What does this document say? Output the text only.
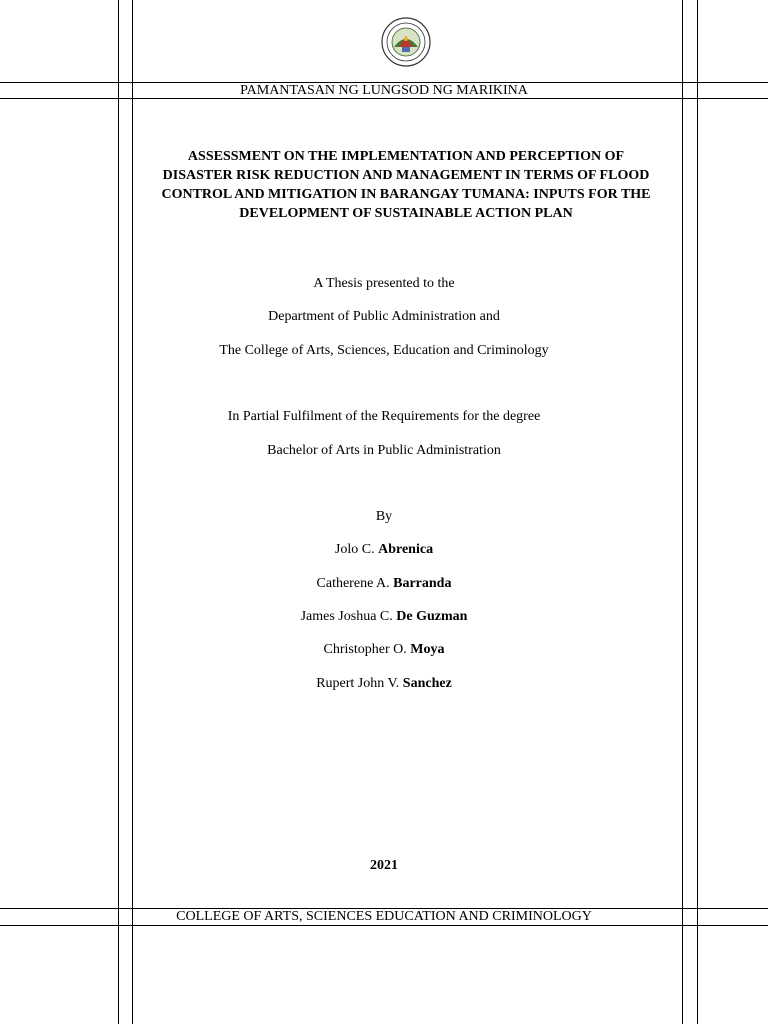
PAMANTASAN NG LUNGSOD NG MARIKINA
ASSESSMENT ON THE IMPLEMENTATION AND PERCEPTION OF
DISASTER RISK REDUCTION AND MANAGEMENT IN TERMS OF FLOOD
CONTROL AND MITIGATION IN BARANGAY TUMANA: INPUTS FOR THE
DEVELOPMENT OF SUSTAINABLE ACTION PLAN
A Thesis presented to the
Department of Public Administration and
The College of Arts, Sciences, Education and Criminology
In Partial Fulfilment of the Requirements for the degree
Bachelor of Arts in Public Administration
By
Jolo C. Abrenica
Catherene A. Barranda
James Joshua C. De Guzman
Christopher O. Moya
Rupert John V. Sanchez
2021
COLLEGE OF ARTS, SCIENCES EDUCATION AND CRIMINOLOGY
